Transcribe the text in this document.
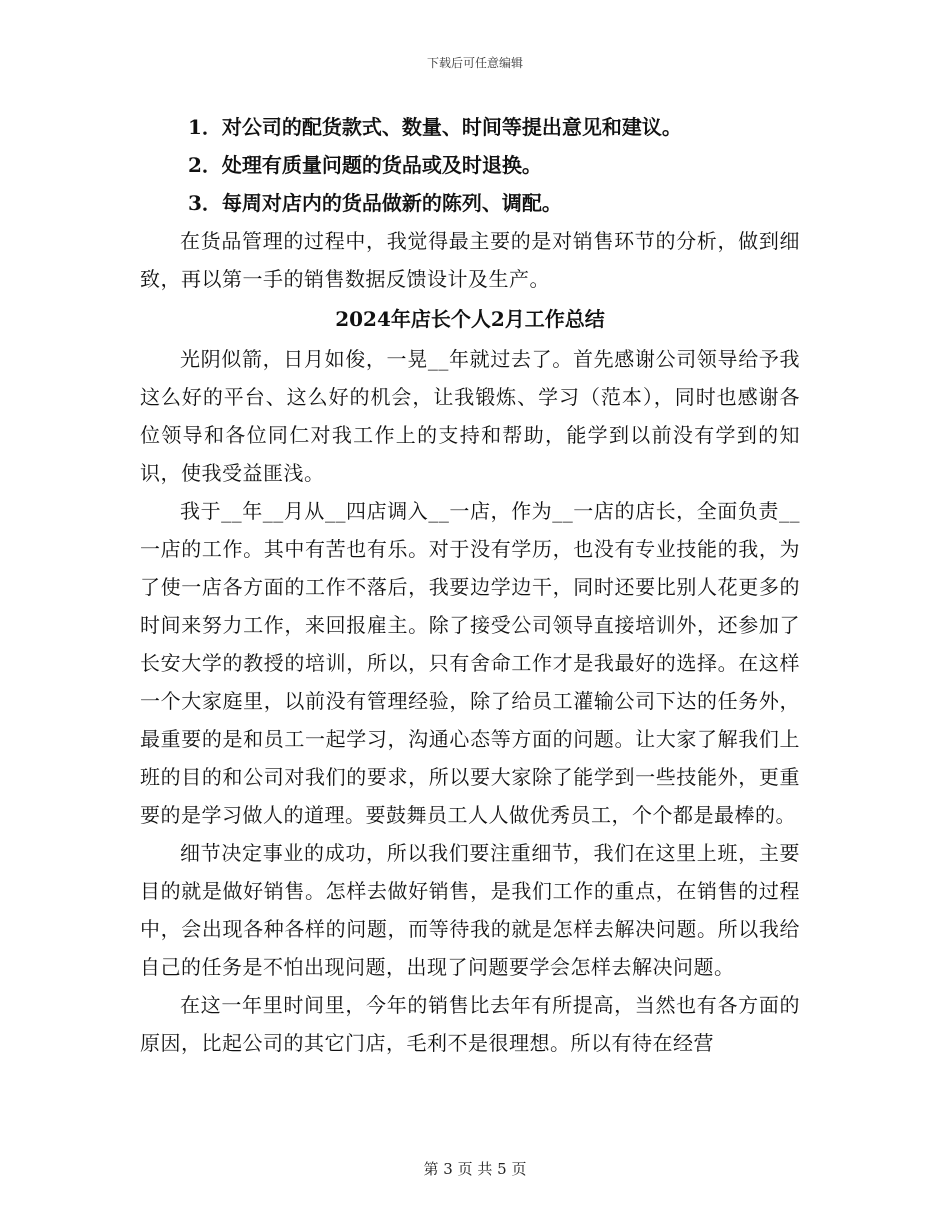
下载后可任意编辑
1．对公司的配货款式、数量、时间等提出意见和建议。
2．处理有质量问题的货品或及时退换。
3．每周对店内的货品做新的陈列、调配。

在货品管理的过程中，我觉得最主要的是对销售环节的分析，做到细致，再以第一手的销售数据反馈设计及生产。

2024年店长个人2月工作总结

光阴似箭，日月如俊，一晃__年就过去了。首先感谢公司领导给予我这么好的平台、这么好的机会，让我锻炼、学习（范本），同时也感谢各位领导和各位同仁对我工作上的支持和帮助，能学到以前没有学到的知识，使我受益匪浅。

我于__年__月从__四店调入__一店，作为__一店的店长，全面负责__一店的工作。其中有苦也有乐。对于没有学历，也没有专业技能的我，为了使一店各方面的工作不落后，我要边学边干，同时还要比别人花更多的时间来努力工作，来回报雇主。除了接受公司领导直接培训外，还参加了长安大学的教授的培训，所以，只有舍命工作才是我最好的选择。在这样一个大家庭里，以前没有管理经验，除了给员工灌输公司下达的任务外，最重要的是和员工一起学习，沟通心态等方面的问题。让大家了解我们上班的目的和公司对我们的要求，所以要大家除了能学到一些技能外，更重要的是学习做人的道理。要鼓舞员工人人做优秀员工，个个都是最棒的。

细节决定事业的成功，所以我们要注重细节，我们在这里上班，主要目的就是做好销售。怎样去做好销售，是我们工作的重点，在销售的过程中，会出现各种各样的问题，而等待我的就是怎样去解决问题。所以我给自己的任务是不怕出现问题，出现了问题要学会怎样去解决问题。

在这一年里时间里，今年的销售比去年有所提高，当然也有各方面的原因，比起公司的其它门店，毛利不是很理想。所以有待在经营

第 3 页 共 5 页
